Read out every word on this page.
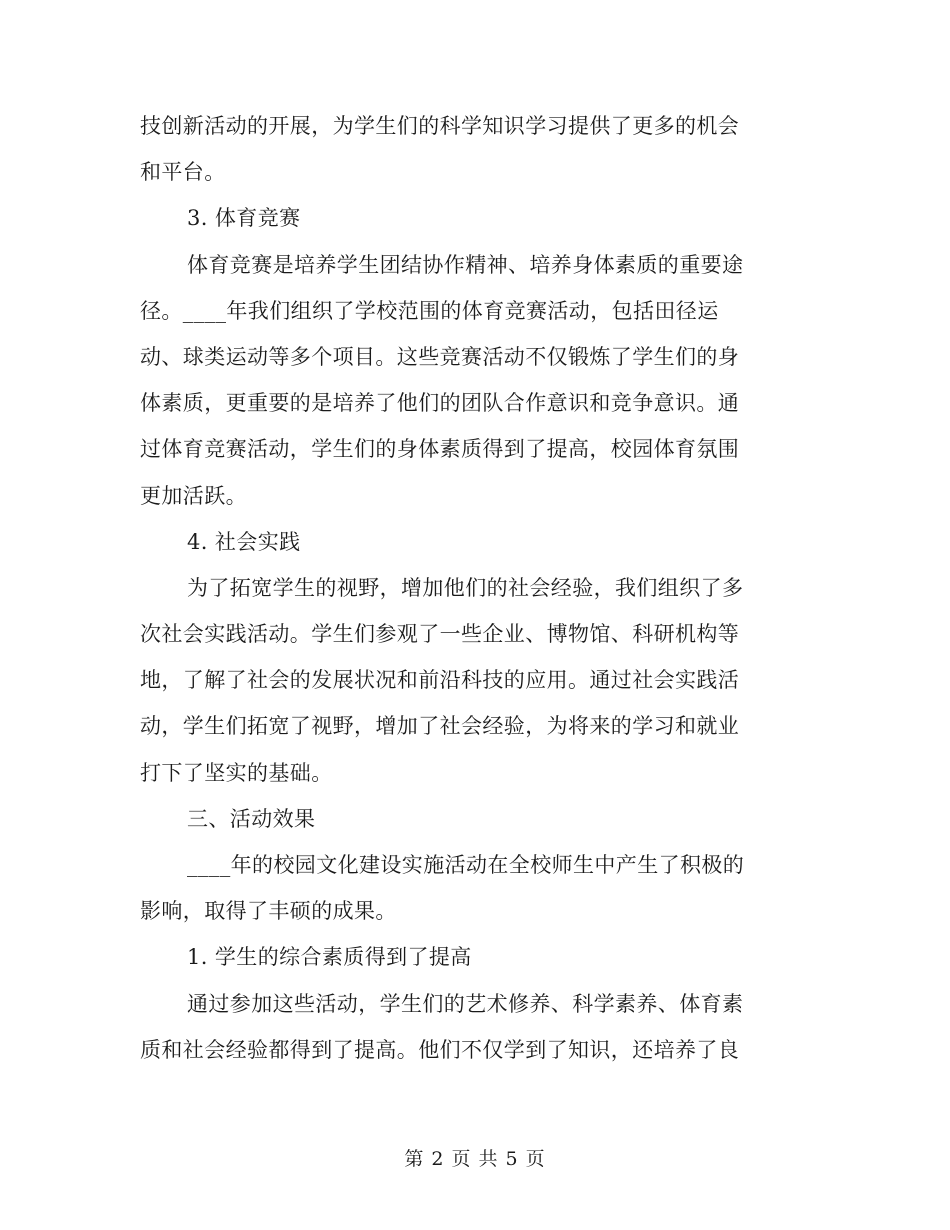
技创新活动的开展，为学生们的科学知识学习提供了更多的机会
和平台。
3. 体育竞赛
体育竞赛是培养学生团结协作精神、培养身体素质的重要途
径。____年我们组织了学校范围的体育竞赛活动，包括田径运
动、球类运动等多个项目。这些竞赛活动不仅锻炼了学生们的身
体素质，更重要的是培养了他们的团队合作意识和竞争意识。通
过体育竞赛活动，学生们的身体素质得到了提高，校园体育氛围
更加活跃。
4. 社会实践
为了拓宽学生的视野，增加他们的社会经验，我们组织了多
次社会实践活动。学生们参观了一些企业、博物馆、科研机构等
地，了解了社会的发展状况和前沿科技的应用。通过社会实践活
动，学生们拓宽了视野，增加了社会经验，为将来的学习和就业
打下了坚实的基础。
三、活动效果
____年的校园文化建设实施活动在全校师生中产生了积极的
影响，取得了丰硕的成果。
1. 学生的综合素质得到了提高
通过参加这些活动，学生们的艺术修养、科学素养、体育素
质和社会经验都得到了提高。他们不仅学到了知识，还培养了良
第 2 页 共 5 页
